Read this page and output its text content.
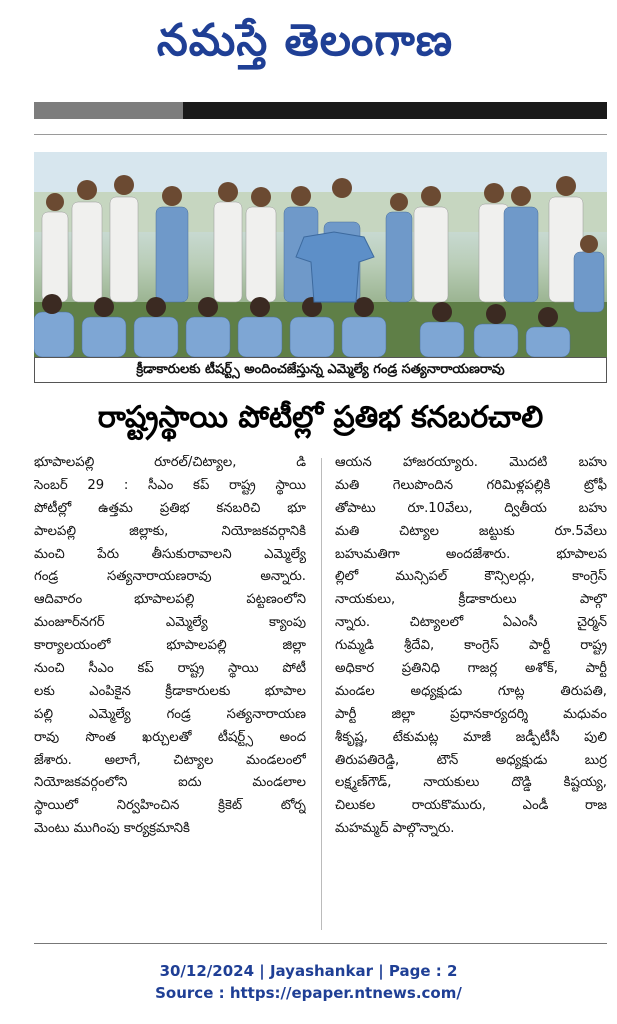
నమస్తే తెలంగాణ
క్రీడాకారులకు టీషర్ట్స్ అందించజేస్తున్న ఎమ్మెల్యే గండ్ర సత్యనారాయణరావు
రాష్ట్రస్థాయి పోటీల్లో ప్రతిభ కనబరచాలి
భూపాలపల్లి రూరల్/చిట్యాల, డి
సెంబర్ 29 : సీఎం కప్ రాష్ట్ర స్థాయి
పోటీల్లో ఉత్తమ ప్రతిభ కనబరిచి భూ
పాలపల్లి జిల్లాకు, నియోజకవర్గానికి
మంచి పేరు తీసుకురావాలని ఎమ్మెల్యే
గండ్ర సత్యనారాయణరావు అన్నారు.
ఆదివారం భూపాలపల్లి పట్టణంలోని
మంజూర్‌నగర్ ఎమ్మెల్యే క్యాంపు
కార్యాలయంలో భూపాలపల్లి జిల్లా
నుంచి సీఎం కప్ రాష్ట్ర స్థాయి పోటీ
లకు ఎంపికైన క్రీడాకారులకు భూపాల
పల్లి ఎమ్మెల్యే గండ్ర సత్యనారాయణ
రావు సొంత ఖర్చులతో టీషర్ట్స్ అంద
జేశారు. అలాగే, చిట్యాల మండలంలో
నియోజకవర్గంలోని ఐదు మండలాల
స్థాయిలో నిర్వహించిన క్రికెట్ టోర్న
మెంటు ముగింపు కార్యక్రమానికి
ఆయన హాజరయ్యారు. మొదటి బహు
మతి గెలుపొందిన గరిమిళ్లపల్లికి ట్రోఫీ
తోపాటు రూ.10వేలు, ద్వితీయ బహు
మతి చిట్యాల జట్టుకు రూ.5వేలు
బహుమతిగా అందజేశారు. భూపాలప
ల్లిలో మున్సిపల్ కౌన్సిలర్లు, కాంగ్రెస్
నాయకులు, క్రీడాకారులు పాల్గొ
న్నారు. చిట్యాలలో ఏఎంసీ చైర్మన్
గుమ్మడి శ్రీదేవి, కాంగ్రెస్ పార్టీ రాష్ట్ర
అధికార ప్రతినిధి గాజర్ల అశోక్, పార్టీ
మండల అధ్యక్షుడు గూట్ల తిరుపతి,
పార్టీ జిల్లా ప్రధానకార్యదర్శి మధువం
శీకృష్ణ, టేకుమట్ల మాజీ జడ్పీటీసీ పులి
తిరుపతిరెడ్డి, టౌన్ అధ్యక్షుడు బుర్ర
లక్ష్మణ్‌గౌడ్, నాయకులు దొడ్డి కిష్టయ్య,
చిలుకల రాయకొమురు, ఎండీ రాజ
మహమ్మద్ పాల్గొన్నారు.
30/12/2024 | Jayashankar | Page : 2
Source : https://epaper.ntnews.com/
